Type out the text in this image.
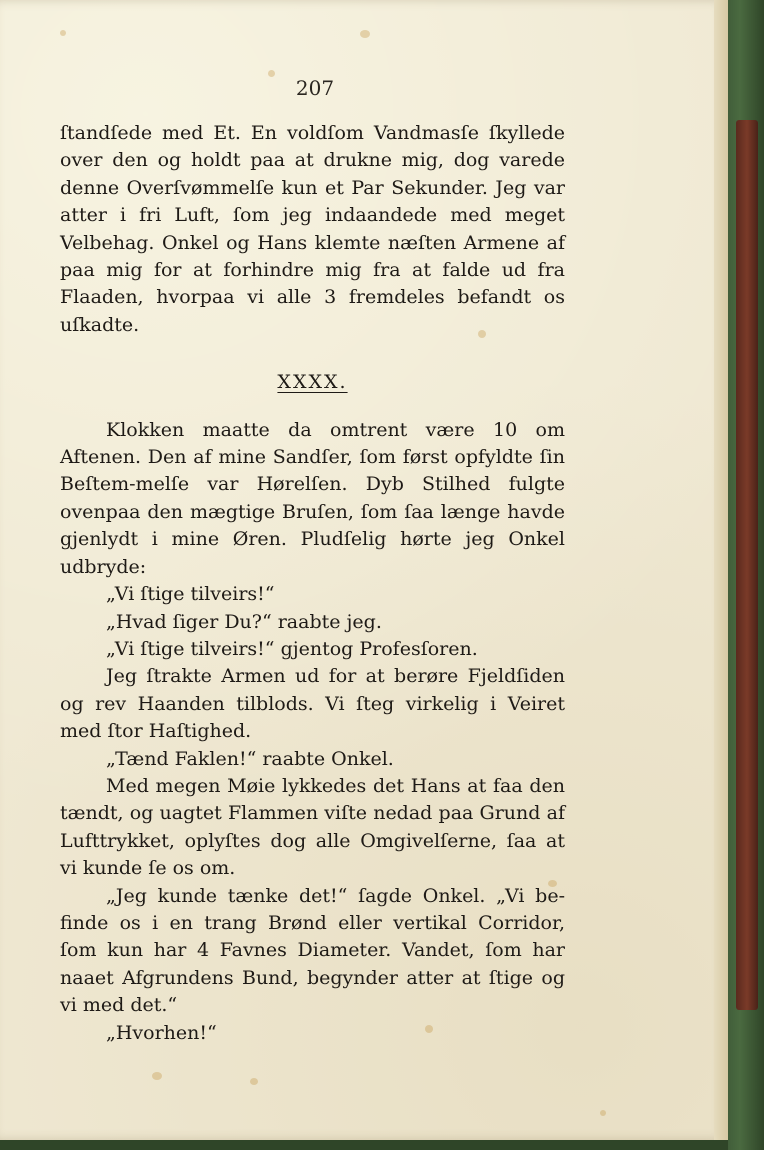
207

ſtandſede med Et. En voldſom Vandmasſe ſkyllede over den og holdt paa at drukne mig, dog varede denne Overſvømmelſe kun et Par Sekunder. Jeg var atter i fri Luft, ſom jeg indaandede med meget Velbehag. Onkel og Hans klemte næſten Armene af paa mig for at forhindre mig fra at falde ud fra Flaaden, hvorpaa vi alle 3 fremdeles befandt os uſkadte.

XXXX.

Klokken maatte da omtrent være 10 om Aftenen. Den af mine Sandſer, ſom først opfyldte ſin Beſtem-melſe var Hørelſen. Dyb Stilhed fulgte ovenpaa den mægtige Bruſen, ſom ſaa længe havde gjenlydt i mine Øren. Pludſelig hørte jeg Onkel udbryde:

„Vi ſtige tilveirs!“

„Hvad ſiger Du?“ raabte jeg.

„Vi ſtige tilveirs!“ gjentog Profesſoren.

Jeg ſtrakte Armen ud for at berøre Fjeldſiden og rev Haanden tilblods. Vi ſteg virkelig i Veiret med ſtor Haſtighed.

„Tænd Faklen!“ raabte Onkel.

Med megen Møie lykkedes det Hans at faa den tændt, og uagtet Flammen viſte nedad paa Grund af Lufttrykket, oplyſtes dog alle Omgivelſerne, ſaa at vi kunde ſe os om.

„Jeg kunde tænke det!“ ſagde Onkel. „Vi be-finde os i en trang Brønd eller vertikal Corridor, ſom kun har 4 Favnes Diameter. Vandet, ſom har naaet Afgrundens Bund, begynder atter at ſtige og vi med det.“

„Hvorhen!“
